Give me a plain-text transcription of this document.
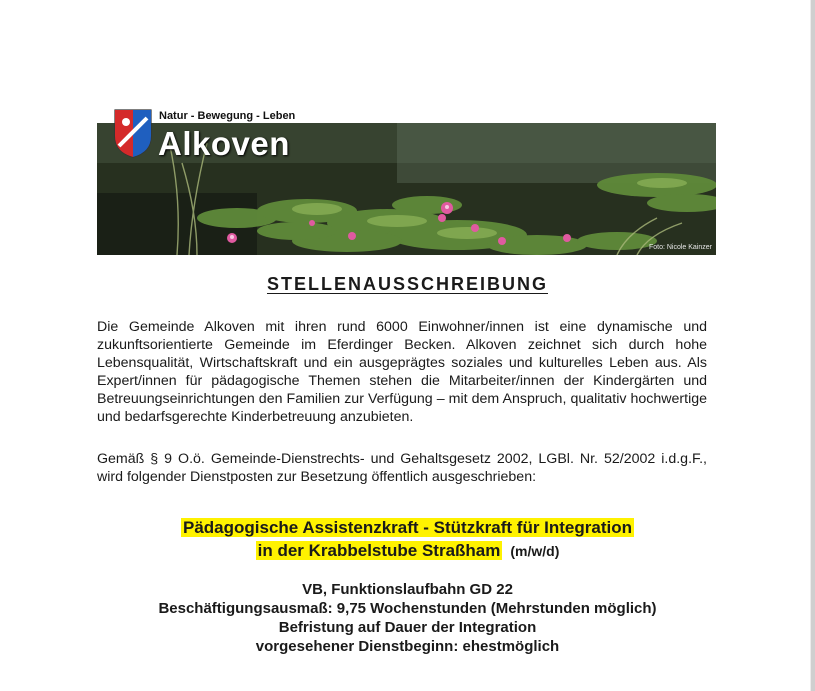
Foto: Nicole Kainzer
Natur - Bewegung - Leben
Alkoven
STELLENAUSSCHREIBUNG
Die Gemeinde Alkoven mit ihren rund 6000 Einwohner/innen ist eine dynamische und zukunftsorientierte Gemeinde im Eferdinger Becken. Alkoven zeichnet sich durch hohe Lebensqualität, Wirtschaftskraft und ein ausgeprägtes soziales und kulturelles Leben aus. Als Expert/innen für pädagogische Themen stehen die Mitarbeiter/innen der Kindergärten und Betreuungseinrichtungen den Familien zur Verfügung – mit dem Anspruch, qualitativ hochwertige und bedarfsgerechte Kinderbetreuung anzubieten.
Gemäß § 9 O.ö. Gemeinde-Dienstrechts- und Gehaltsgesetz 2002, LGBl. Nr. 52/2002 i.d.g.F., wird folgender Dienstposten zur Besetzung öffentlich ausgeschrieben:
Pädagogische Assistenzkraft - Stützkraft für Integration
in der Krabbelstube Straßham (m/w/d)
VB, Funktionslaufbahn GD 22
Beschäftigungsausmaß: 9,75 Wochenstunden (Mehrstunden möglich)
Befristung auf Dauer der Integration
vorgesehener Dienstbeginn: ehestmöglich
